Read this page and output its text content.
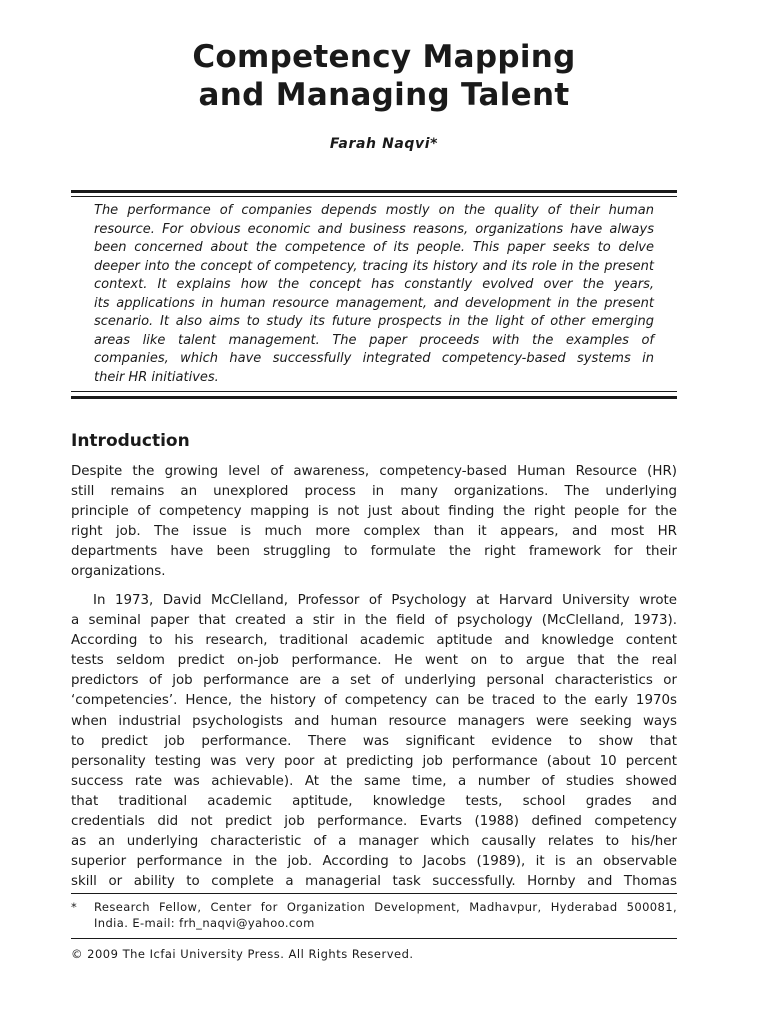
Competency Mapping
and Managing Talent
Farah Naqvi*
The performance of companies depends mostly on the quality of their human
resource. For obvious economic and business reasons, organizations have always
been concerned about the competence of its people. This paper seeks to delve
deeper into the concept of competency, tracing its history and its role in the present
context. It explains how the concept has constantly evolved over the years,
its applications in human resource management, and development in the present
scenario. It also aims to study its future prospects in the light of other emerging
areas like talent management. The paper proceeds with the examples of
companies, which have successfully integrated competency-based systems in
their HR initiatives.
Introduction
Despite the growing level of awareness, competency-based Human Resource (HR)
still remains an unexplored process in many organizations. The underlying
principle of competency mapping is not just about finding the right people for the
right job. The issue is much more complex than it appears, and most HR
departments have been struggling to formulate the right framework for their
organizations.
In 1973, David McClelland, Professor of Psychology at Harvard University wrote
a seminal paper that created a stir in the field of psychology (McClelland, 1973).
According to his research, traditional academic aptitude and knowledge content
tests seldom predict on-job performance. He went on to argue that the real
predictors of job performance are a set of underlying personal characteristics or
‘competencies’. Hence, the history of competency can be traced to the early 1970s
when industrial psychologists and human resource managers were seeking ways
to predict job performance. There was significant evidence to show that
personality testing was very poor at predicting job performance (about 10 percent
success rate was achievable). At the same time, a number of studies showed
that traditional academic aptitude, knowledge tests, school grades and
credentials did not predict job performance. Evarts (1988) defined competency
as an underlying characteristic of a manager which causally relates to his/her
superior performance in the job. According to Jacobs (1989), it is an observable
skill or ability to complete a managerial task successfully. Hornby and Thomas
* Research Fellow, Center for Organization Development, Madhavpur, Hyderabad 500081,
India. E-mail: frh_naqvi@yahoo.com
© 2009 The Icfai University Press. All Rights Reserved.
